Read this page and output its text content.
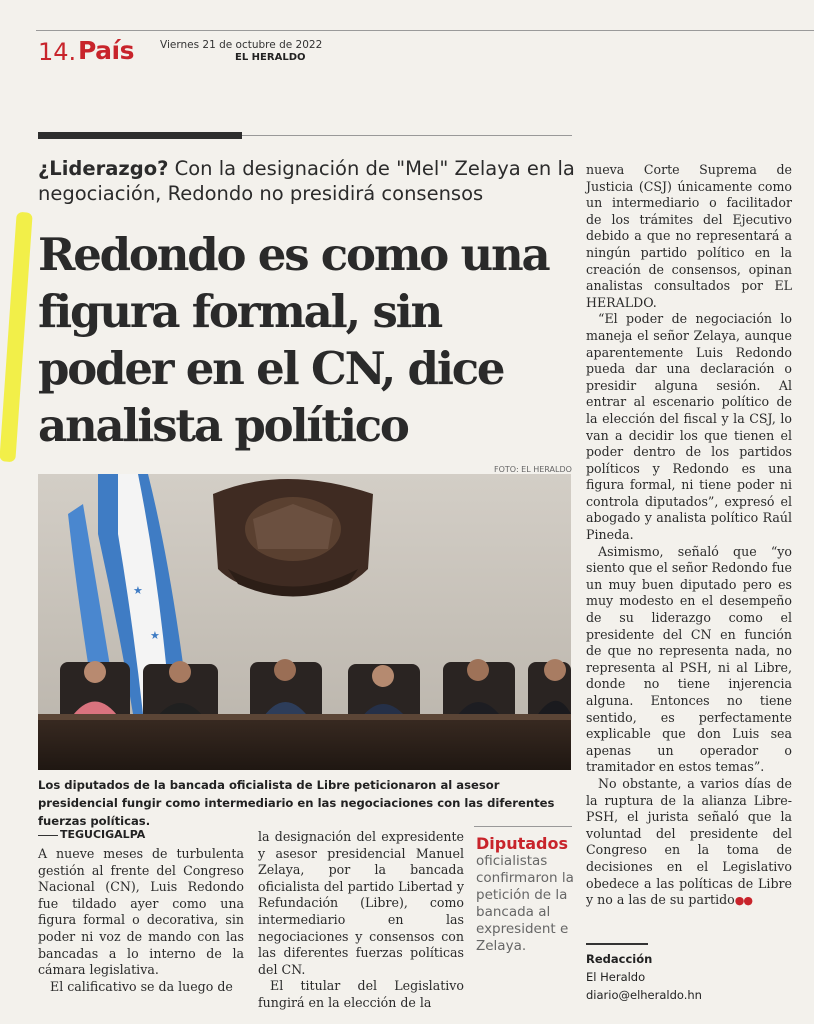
14. País Viernes 21 de octubre de 2022
EL HERALDO
¿Liderazgo? Con la designación de "Mel" Zelaya en la negociación, Redondo no presidirá consensos
Redondo es como una figura formal, sin poder en el CN, dice analista político
FOTO: EL HERALDO
★
★ ★
Los diputados de la bancada oficialista de Libre peticionaron al asesor presidencial fungir como intermediario en las negociaciones con las diferentes fuerzas políticas.
TEGUCIGALPA

A nueve meses de turbulenta gestión al frente del Congreso Nacional (CN), Luis Redondo fue tildado ayer como una figura formal o decorativa, sin poder ni voz de mando con las bancadas a lo interno de la cámara legislativa.

El calificativo se da luego de

la designación del expresidente y asesor presidencial Manuel Zelaya, por la bancada oficialista del partido Libertad y Refundación (Libre), como intermediario en las negociaciones y consensos con las diferentes fuerzas políticas del CN.

El titular del Legislativo fungirá en la elección de la

Diputados
oficialistas confirmaron la petición de la bancada al expresident e Zelaya.

nueva Corte Suprema de Justicia (CSJ) únicamente como un intermediario o facilitador de los trámites del Ejecutivo debido a que no representará a ningún partido político en la creación de consensos, opinan analistas consultados por EL HERALDO.

“El poder de negociación lo maneja el señor Zelaya, aunque aparentemente Luis Redondo pueda dar una declaración o presidir alguna sesión. Al entrar al escenario político de la elección del fiscal y la CSJ, lo van a decidir los que tienen el poder dentro de los partidos políticos y Redondo es una figura formal, ni tiene poder ni controla diputados”, expresó el abogado y analista político Raúl Pineda.

Asimismo, señaló que “yo siento que el señor Redondo fue un muy buen diputado pero es muy modesto en el desempeño de su liderazgo como el presidente del CN en función de que no representa nada, no representa al PSH, ni al Libre, donde no tiene injerencia alguna. Entonces no tiene sentido, es perfectamente explicable que don Luis sea apenas un operador o tramitador en estos temas”.

No obstante, a varios días de la ruptura de la alianza Libre-PSH, el jurista señaló que la voluntad del presidente del Congreso en la toma de decisiones en el Legislativo obedece a las políticas de Libre y no a las de su partido●●

Redacción
El Heraldo
diario@elheraldo.hn
